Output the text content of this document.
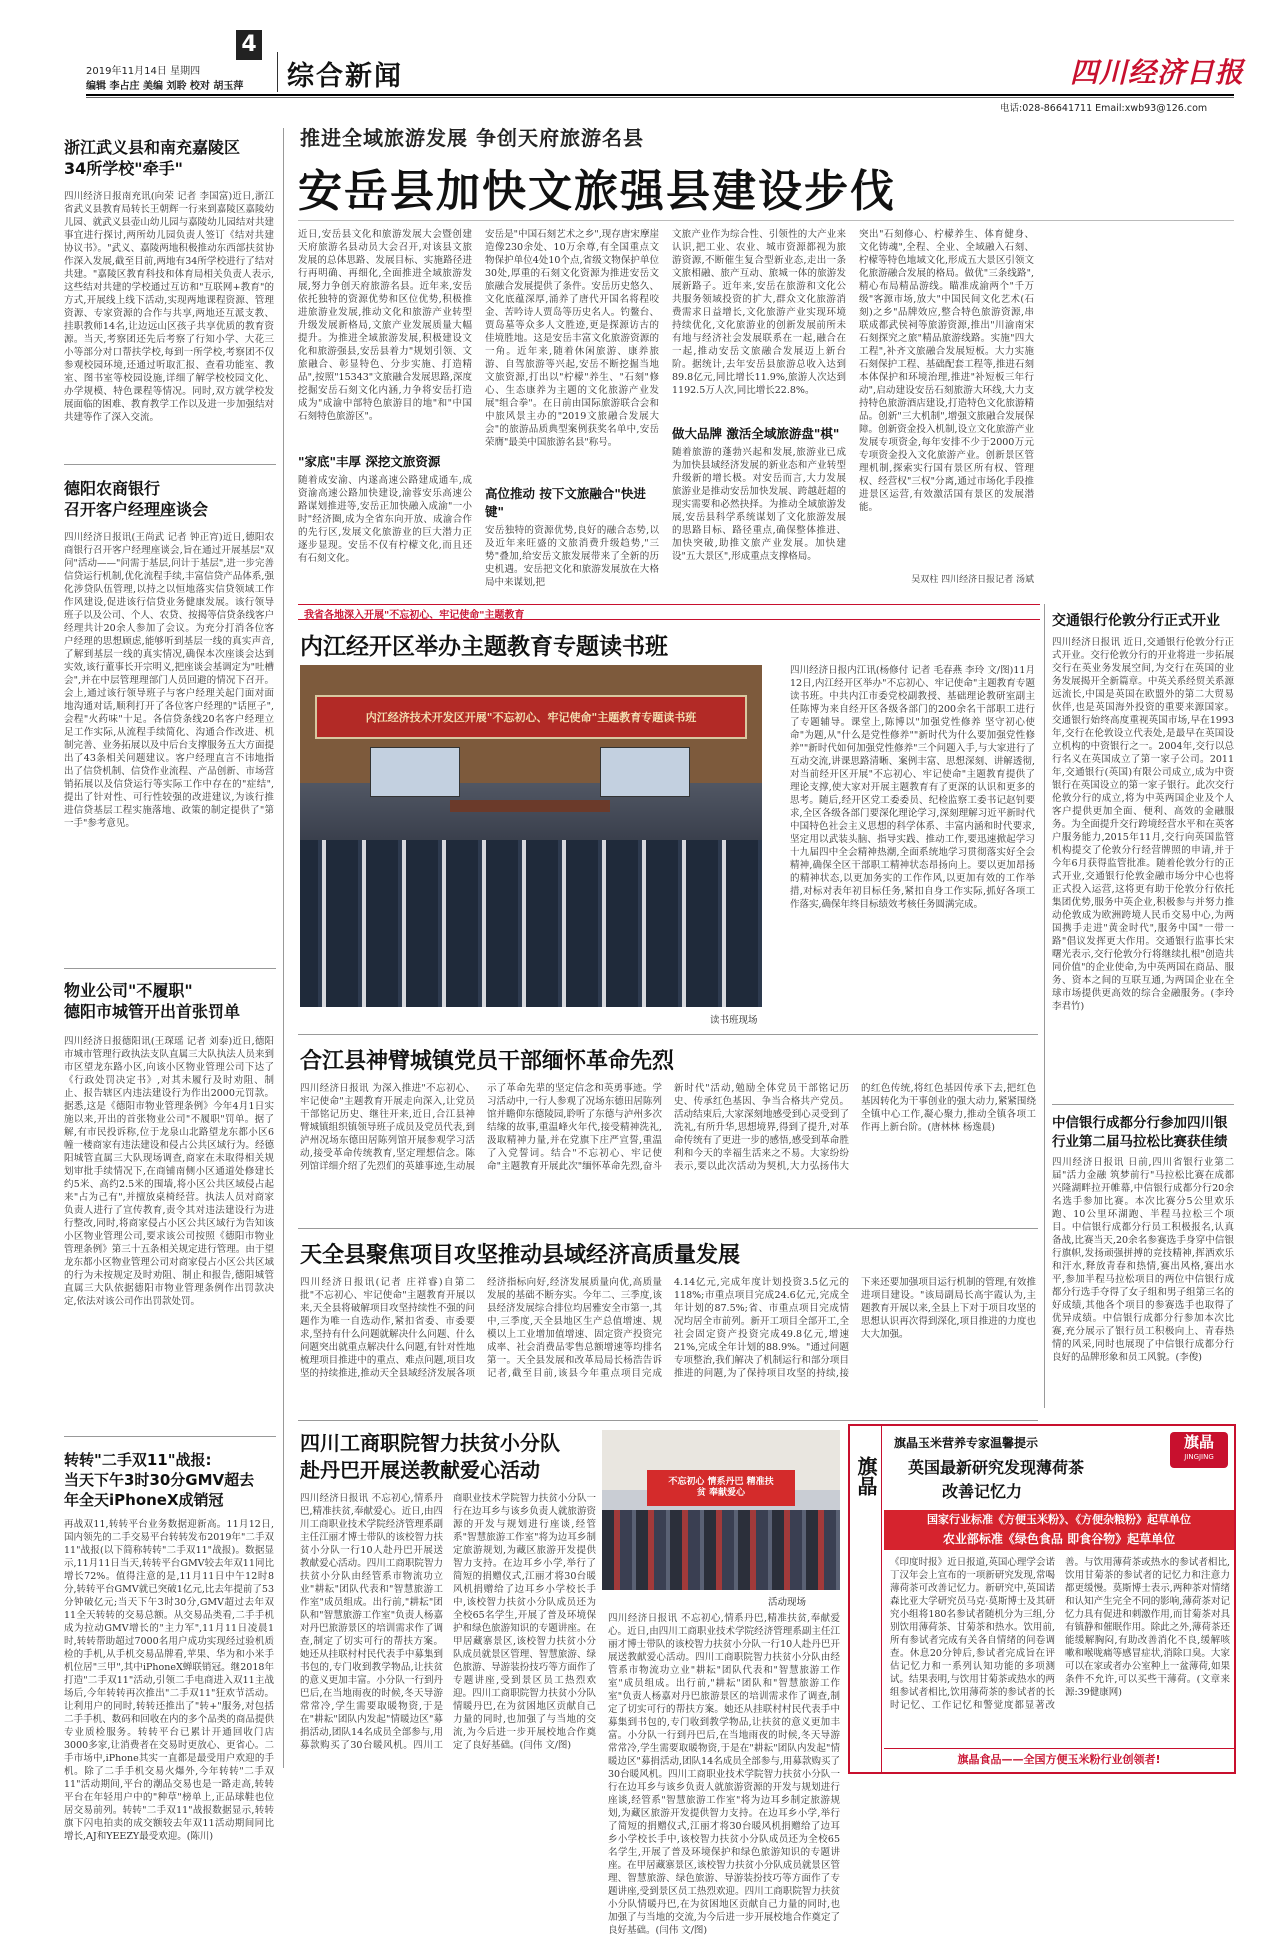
4
2019年11月14日 星期四
编辑 李占庄 美编 刘聆 校对 胡玉萍 综合新闻	四川经济日报
电话:028-86641711 Email:xwb93@126.com
浙江武义县和南充嘉陵区
34所学校"牵手"
四川经济日报南充讯(向荣 记者 李国富)近日,浙江省武义县教育局转长王朝辉一行来到嘉陵区嘉陵幼儿园、就武义县壶山幼儿园与嘉陵幼儿园结对共建事宜进行探讨,两所幼儿园负责人签订《结对共建协议书》。"武义、嘉陵两地积极推动东西部扶贫协作深入发展,截至目前,两地有34所学校进行了结对共建。"嘉陵区教育科技和体育局相关负责人表示,这些结对共建的学校通过互访和"互联网+教育"的方式,开展线上线下活动,实现两地课程资源、管理资源、专家资源的合作与共享,两地还互派支教、挂职教师14名,让边远山区孩子共享优质的教育资源。当天,考察团还先后考察了行知小学、大花三小等部分对口帮扶学校,每到一所学校,考察团不仅参观校园环境,还通过听取汇报、查看功能室、教室、图书室等校园设施,详细了解学校校园文化、办学规模、特色课程等情况。同时,双方就学校发展面临的困难、教育教学工作以及进一步加强结对共建等作了深入交流。
德阳农商银行
召开客户经理座谈会
四川经济日报讯(王尚武 记者 钟正宵)近日,德阳农商银行召开客户经理座谈会,旨在通过开展基层"双问"活动——"问需于基层,问计于基层",进一步完善信贷运行机制,优化流程手续,丰富信贷产品体系,强化涉贷队伍管理,以持之以恒地落实信贷领域工作作风建设,促进该行信贷业务健康发展。该行领导班子以及公司、个人、农贷、按揭等信贷条线客户经理共计20余人参加了会议。为充分打消各位客户经理的思想顾虑,能够听到基层一线的真实声音,了解到基层一线的真实情况,确保本次座谈会达到实效,该行董事长开宗明义,把座谈会基调定为"吐槽会",并在中层管理理部门人员回避的情况下召开。会上,通过该行领导班子与客户经理关起门面对面地沟通对话,顺利打开了各位客户经理的"话匣子",会程"火药味"十足。各信贷条线20名客户经理立足工作实际,从流程手续简化、沟通合作改进、机制完善、业务拓展以及中后台支撑服务五大方面提出了43条相关问题建议。客户经理直言不讳地指出了信贷机制、信贷作业流程、产品创新、市场营销拓展以及信贷运行等实际工作中存在的"症结",提出了针对性、可行性较强的改进建议,为该行推进信贷基层工程实施落地、政策的制定提供了"第一手"参考意见。
物业公司"不履职"
德阳市城管开出首张罚单
四川经济日报德阳讯(王琛瑶 记者 刘泰)近日,德阳市城市管理行政执法支队直属三大队执法人员来到市区望龙东路小区,向该小区物业管理公司下达了《行政处罚决定书》,对其未履行及时劝阻、制止、报告辖区内违法建设行为作出2000元罚款。据悉,这是《德阳市物业管理条例》今年4月1日实施以来,开出的首张物业公司"不履职"罚单。据了解,有市民投诉称,位于龙泉山北路望龙东都小区6幢一楼商家有违法建设和侵占公共区域行为。经德阳城管直属三大队现场调查,商家在未取得相关规划审批手续情况下,在商铺南侧小区通道处修建长约5米、高约2.5米的围墙,将小区公共区域侵占起来"占为己有",并擅放桌椅经营。执法人员对商家负责人进行了宣传教育,责令其对违法建设行为进行整改,同时,将商家侵占小区公共区域行为告知该小区物业管理公司,要求该公司按照《德阳市物业管理条例》第三十五条相关规定进行管理。由于望龙东都小区物业管理公司对商家侵占小区公共区域的行为未按规定及时劝阻、制止和报告,德阳城管直属三大队依据德阳市物业管理条例作出罚款决定,依法对该公司作出罚款处罚。
转转"二手双11"战报:
当天下午3时30分GMV超去
年全天iPhoneX成销冠
再战双11,转转平台业务数据迎新高。11月12日,国内领先的二手交易平台转转发布2019年"二手双11"战报(以下简称转转"二手双11"战报)。数据显示,11月11日当天,转转平台GMV较去年双11同比增长72%。值得注意的是,11月11日中午12时8分,转转平台GMV就已突破1亿元,比去年提前了53分钟破亿元;当天下午3时30分,GMV超过去年双11全天转转的交易总额。从交易品类看,二手手机成为拉动GMV增长的"主力军",11月11日凌晨1时,转转帮助超过7000名用户成功实现经过验机质检的手机,从手机交易品牌看,苹果、华为和小米手机位居"三甲",其中iPhoneX蝉联销冠。继2018年打造"二手双11"活动,引领二手电商进入双11主战场后,今年转转再次推出"二手双11"狂欢节活动。让利用户的同时,转转还推出了"转+"服务,对包括二手手机、数码和回收在内的多个品类的商品提供专业质检服务。转转平台已累计开通回收门店3000多家,让消费者在交易时更放心、更省心。二手市场中,iPhone其实一直都是最受用户欢迎的手机。除了二手手机交易火爆外,今年转转"二手双11"活动期间,平台的潮品交易也是一路走高,转转平台在年轻用户中的"种草"榜单上,正品球鞋也位居交易前列。转转"二手双11"战报数据显示,转转旗下闪电拍卖的成交额较去年双11活动期间同比增长,AJ和YEEZY最受欢迎。(陈川)
推进全域旅游发展 争创天府旅游名县
安岳县加快文旅强县建设步伐
近日,安岳县文化和旅游发展大会暨创建天府旅游名县动员大会召开,对该县文旅发展的总体思路、发展目标、实施路径进行再明确、再细化,全面推进全域旅游发展,努力争创天府旅游名县。近年来,安岳依托独特的资源优势和区位优势,积极推进旅游业发展,推动文化和旅游产业转型升级发展新格局,文旅产业发展质量大幅提升。为推进全域旅游发展,积极建设文化和旅游强县,安岳县着力"规划引领、文旅融合、彰显特色、分步实施、打造精品",按照"15343"文旅融合发展思路,深度挖掘安岳石刻文化内涵,力争将安岳打造成为"成渝中部特色旅游目的地"和"中国石刻特色旅游区"。
"家底"丰厚 深挖文旅资源
随着成安渝、内遂高速公路建成通车,成资渝高速公路加快建设,渝蓉安乐高速公路谋划推进等,安岳正加快融入成渝"一小时"经济圈,成为全省东向开放、成渝合作的先行区,发展文化旅游业的巨大潜力正逐步显现。安岳不仅有柠檬文化,而且还有石刻文化。
安岳是"中国石刻艺术之乡",现存唐宋摩崖造像230余处、10万余尊,有全国重点文物保护单位4处10个点,省级文物保护单位30处,厚重的石刻文化资源为推进安岳文旅融合发展提供了条件。安岳历史悠久、文化底蕴深厚,涌养了唐代开国名将程咬金、苦吟诗人贾岛等历史名人。钓鳌台、贾岛墓等众多人文胜迹,更是探源访古的佳境胜地。这是安岳丰富文化旅游资源的一角。近年来,随着休闲旅游、康养旅游、自驾旅游等兴起,安岳不断挖掘当地文旅资源,打出以"柠檬"养生、"石刻"修心、生态康养为主题的文化旅游产业发展"组合拳"。在日前由国际旅游联合会和中旅风景主办的"2019文旅融合发展大会"的旅游品质典型案例获奖名单中,安岳荣膺"最美中国旅游名县"称号。
高位推动 按下文旅融合"快进键"
安岳独特的资源优势,良好的融合态势,以及近年来旺盛的文旅消费升级趋势,"三势"叠加,给安岳文旅发展带来了全新的历史机遇。安岳把文化和旅游发展放在大格局中来谋划,把
文旅产业作为综合性、引领性的大产业来认识,把工业、农业、城市资源都视为旅游资源,不断催生复合型新业态,走出一条文旅相融、旅产互动、旅城一体的旅游发展新路子。近年来,安岳在旅游和文化公共服务领域投资的扩大,群众文化旅游消费需求日益增长,文化旅游产业实现环境持续优化,文化旅游业的创新发展前所未有地与经济社会发展联系在一起,融合在一起,推动安岳文旅融合发展迈上新台阶。据统计,去年安岳县旅游总收入达到89.8亿元,同比增长11.9%,旅游人次达到1192.5万人次,同比增长22.8%。
做大品牌 激活全域旅游盘"棋"
随着旅游的蓬勃兴起和发展,旅游业已成为加快县域经济发展的新业态和产业转型升级新的增长极。对安岳而言,大力发展旅游业是推动安岳加快发展、跨越赶超的现实需要和必然抉择。为推动全域旅游发展,安岳县科学系统谋划了文化旅游发展的思路目标、路径重点,确保整体推进、加快突破,助推文旅产业发展。加快建设"五大景区",形成重点支撑格局。
突出"石刻修心、柠檬养生、体育健身、文化铸魂",全程、全业、全域融入石刻、柠檬等特色地域文化,形成五大景区引领文化旅游融合发展的格局。做优"三条线路",精心布局精品游线。瞄准成渝两个"千万级"客源市场,放大"中国民间文化艺术(石刻)之乡"品牌效应,整合特色旅游资源,串联成都武侯祠等旅游资源,推出"川渝南宋石刻探究之旅"精品旅游线路。实施"四大工程",补齐文旅融合发展短板。大力实施石刻保护工程、基础配套工程等,推进石刻本体保护和环境治理,推进"补短板三年行动",启动建设安岳石刻旅游大环线,大力支持特色旅游酒店建设,打造特色文化旅游精品。创新"三大机制",增强文旅融合发展保障。创新资金投入机制,设立文化旅游产业发展专项资金,每年安排不少于2000万元专项资金投入文化旅游产业。创新景区管理机制,探索实行国有景区所有权、管理权、经营权"三权"分离,通过市场化手段推进景区运营,有效激活国有景区的发展潜能。
吴双柱 四川经济日报记者 汤斌
我省各地深入开展"不忘初心、牢记使命"主题教育
内江经开区举办主题教育专题读书班
内江经济技术开发区开展"不忘初心、牢记使命"主题教育专题读书班
读书班现场
四川经济日报内江讯(杨修付 记者 毛春燕 李玲 文/图)11月12日,内江经开区举办"不忘初心、牢记使命"主题教育专题读书班。中共内江市委党校副教授、基础理论教研室副主任陈博为来自经开区各级各部门的200余名干部职工进行了专题辅导。课堂上,陈博以"加强党性修养 坚守初心使命"为题,从"什么是党性修养""新时代为什么要加强党性修养""新时代如何加强党性修养"三个问题入手,与大家进行了互动交流,讲课思路清晰、案例丰富、思想深刻、讲解透彻,对当前经开区开展"不忘初心、牢记使命"主题教育提供了理论支撑,使大家对开展主题教育有了更深的认识和更多的思考。随后,经开区党工委委员、纪检监察工委书记赵钊要求,全区各级各部门要深化理论学习,深刻理解习近平新时代中国特色社会主义思想的科学体系、丰富内涵和时代要求,坚定用以武装头脑、指导实践、推动工作,要迅速掀起学习十九届四中全会精神热潮,全面系统地学习贯彻落实好全会精神,确保全区干部职工精神状态昂扬向上。要以更加昂扬的精神状态,以更加务实的工作作风,以更加有效的工作举措,对标对表年初目标任务,紧扣自身工作实际,抓好各项工作落实,确保年终目标绩效考核任务圆满完成。
合江县神臂城镇党员干部缅怀革命先烈
四川经济日报讯 为深入推进"不忘初心、牢记使命"主题教育开展走向深入,让党员干部铭记历史、继往开来,近日,合江县神臂城镇组织镇领导班子成员及党员代表,到泸州况场东德田居陈列馆开展参观学习活动,接受革命传统教育,坚定理想信念。陈列馆详细介绍了先烈们的英雄事迹,生动展示了革命先辈的坚定信念和英勇事迹。学习活动中,一行人参观了况场东德田居陈列馆并瞻仰东德陵园,聆听了东德与泸州多次结缘的故事,重温峰火年代,接受精神洗礼,汲取精神力量,并在党旗下庄严宣誓,重温了入党誓词。结合"不忘初心、牢记使命"主题教育开展此次"缅怀革命先烈,奋斗新时代"活动,勉励全体党员干部铭记历史、传承红色基因、争当合格共产党员。活动结束后,大家深刻地感受到心灵受到了洗礼,有所升华,思想境界,得到了提升,对革命传统有了更进一步的感悟,感受到革命胜利和今天的幸福生活来之不易。大家纷纷表示,要以此次活动为契机,大力弘扬伟大的红色传统,将红色基因传承下去,把红色基因转化为干事创业的强大动力,紧紧围绕全镇中心工作,凝心聚力,推动全镇各项工作再上新台阶。(唐林林 杨逸晨)
天全县聚焦项目攻坚推动县域经济高质量发展
四川经济日报讯(记者 庄祥睿)自第二批"不忘初心、牢记使命"主题教育开展以来,天全县将破解项目攻坚持续性不强的问题作为唯一自选动作,紧扣省委、市委要求,坚持有什么问题就解决什么问题、什么问题突出就重点解决什么问题,有针对性地梳理项目推进中的重点、难点问题,项目攻坚的持续推进,推动天全县域经济发展各项经济指标向好,经济发展质量向优,高质量发展的基础不断夯实。今年二、三季度,该县经济发展综合排位均居雅安全市第一,其中,三季度,天全县地区生产总值增速、规模以上工业增加值增速、固定资产投资完成率、社会消费品零售总额增速等均排名第一。天全县发展和改革局局长杨浩告诉记者,截至目前,该县今年重点项目完成4.14亿元,完成年度计划投资3.5亿元的118%;市重点项目完成24.6亿元,完成全年计划的87.5%;省、市重点项目完成情况均居全市前列。新开工项目全部开工,全社会固定资产投资完成49.8亿元,增速21%,完成全年计划的88.9%。"通过问题专项整治,我们解决了机制运行和部分项目推进的问题,为了保持项目攻坚的持续,接下来还要加强项目运行机制的管理,有效推进项目建设。"该局副局长高宇霞认为,主题教育开展以来,全县上下对于项目攻坚的思想认识再次得到深化,项目推进的力度也大大加强。
四川工商职院智力扶贫小分队
赴丹巴开展送教献爱心活动	不忘初心 情系丹巴 精准扶贫 奉献爱心
活动现场
四川经济日报讯 不忘初心,情系丹巴,精准扶贫,奉献爱心。近日,由四川工商职业技术学院经济管理系副主任江丽才博士带队的该校智力扶贫小分队一行10人赴丹巴开展送教献爱心活动。四川工商职院智力扶贫小分队由经管系市物流功立业"耕耘"团队代表和"智慧旅游工作室"成员组成。出行前,"耕耘"团队和"智慧旅游工作室"负责人杨嘉对丹巴旅游景区的培训需求作了调查,制定了切实可行的帮扶方案。她还从挂联村村民代表手中募集到书包的,专门收到教学物品,让扶贫的意义更加丰富。小分队一行到丹巴后,在当地雨夜的时候,冬天导游常常冷,学生需要取暖物资,于是在"耕耘"团队内发起"情暖边区"募捐活动,团队14名成员全部参与,用募款购买了30台暖风机。四川工商职业技术学院智力扶贫小分队一行在边耳乡与该乡负责人就旅游资源的开发与规划进行座谈,经管系"智慧旅游工作室"将为边耳乡制定旅游规划,为藏区旅游开发提供智力支持。在边耳乡小学,举行了简短的捐赠仪式,江丽才将30台暖风机捐赠给了边耳乡小学校长手中,该校智力扶贫小分队成员还为全校65名学生,开展了普及环境保护和绿色旅游知识的专题讲座。在甲居藏寨景区,该校智力扶贫小分队成员就景区管理、智慧旅游、绿色旅游、导游装扮技巧等方面作了专题讲座,受到景区员工热烈欢迎。四川工商职院智力扶贫小分队情暖丹巴,在为贫困地区贡献自己力量的同时,也加强了与当地的交流,为今后进一步开展校地合作奠定了良好基础。(闫伟 文/图)
四川经济日报讯 不忘初心,情系丹巴,精准扶贫,奉献爱心。近日,由四川工商职业技术学院经济管理系副主任江丽才博士带队的该校智力扶贫小分队一行10人赴丹巴开展送教献爱心活动。四川工商职院智力扶贫小分队由经管系市物流功立业"耕耘"团队代表和"智慧旅游工作室"成员组成。出行前,"耕耘"团队和"智慧旅游工作室"负责人杨嘉对丹巴旅游景区的培训需求作了调查,制定了切实可行的帮扶方案。她还从挂联村村民代表手中募集到书包的,专门收到教学物品,让扶贫的意义更加丰富。小分队一行到丹巴后,在当地雨夜的时候,冬天导游常常冷,学生需要取暖物资,于是在"耕耘"团队内发起"情暖边区"募捐活动,团队14名成员全部参与,用募款购买了30台暖风机。四川工商职业技术学院智力扶贫小分队一行在边耳乡与该乡负责人就旅游资源的开发与规划进行座谈,经管系"智慧旅游工作室"将为边耳乡制定旅游规划,为藏区旅游开发提供智力支持。在边耳乡小学,举行了简短的捐赠仪式,江丽才将30台暖风机捐赠给了边耳乡小学校长手中,该校智力扶贫小分队成员还为全校65名学生,开展了普及环境保护和绿色旅游知识的专题讲座。在甲居藏寨景区,该校智力扶贫小分队成员就景区管理、智慧旅游、绿色旅游、导游装扮技巧等方面作了专题讲座,受到景区员工热烈欢迎。四川工商职院智力扶贫小分队情暖丹巴,在为贫困地区贡献自己力量的同时,也加强了与当地的交流,为今后进一步开展校地合作奠定了良好基础。(闫伟 文/图)
交通银行伦敦分行正式开业
四川经济日报讯 近日,交通银行伦敦分行正式开业。交行伦敦分行的开业将进一步拓展交行在英业务发展空间,为交行在英国的业务发展揭开全新篇章。中英关系经贸关系源远流长,中国是英国在欧盟外的第二大贸易伙伴,也是英国海外投资的重要来源国家。交通银行始终高度重视英国市场,早在1993年,交行在伦敦设立代表处,是最早在英国设立机构的中资银行之一。2004年,交行以总行名义在英国成立了第一家子公司。2011年,交通银行(英国)有限公司成立,成为中资银行在英国设立的第一家子银行。此次交行伦敦分行的成立,将为中英两国企业及个人客户提供更加全面、便利、高效的金融服务。为全面提升交行跨境经营水平和在英客户服务能力,2015年11月,交行向英国监管机构提交了伦敦分行经营牌照的申请,并于今年6月获得监管批准。随着伦敦分行的正式开业,交通银行伦敦金融市场分中心也将正式投入运营,这将更有助于伦敦分行依托集团优势,服务中英企业,积极参与并努力推动伦敦成为欧洲跨境人民币交易中心,为两国携手走进"黄金时代",服务中国"一带一路"倡议发挥更大作用。交通银行监事长宋曙光表示,交行伦敦分行将继续扎根"创造共同价值"的企业使命,为中英两国在商品、服务、资本之间的互联互通,为两国企业在全球市场提供更高效的综合金融服务。(李玲 李君竹)
中信银行成都分行参加四川银
行业第二届马拉松比赛获佳绩
四川经济日报讯 日前,四川省银行业第二届"活力金融 筑梦前行"马拉松比赛在成都兴隆湖畔拉开帷幕,中信银行成都分行20余名选手参加比赛。本次比赛分5公里欢乐跑、10公里环湖跑、半程马拉松三个项目。中信银行成都分行员工积极报名,认真备战,比赛当天,20余名参赛选手身穿中信银行旗帜,发扬顽强拼搏的竞技精神,挥洒欢乐和汗水,释放青春和热情,赛出风格,赛出水平,参加半程马拉松项目的两位中信银行成都分行选手夺得了女子组和男子组第三名的好成绩,其他各个项目的参赛选手也取得了优异成绩。中信银行成都分行参加本次比赛,充分展示了银行员工积极向上、青春热情的风采,同时也展现了中信银行成都分行良好的品牌形象和员工风貌。(李俊)
旗晶
旗晶玉米营养专家温馨提示	旗晶
JINGJING
英国最新研究发现薄荷茶
改善记忆力
国家行业标准《方便玉米粉》、《方便杂粮粉》起草单位
农业部标准《绿色食品 即食谷物》起草单位
《印度时报》近日报道,英国心理学会诺丁汉年会上宣布的一项新研究发现,常喝薄荷茶可改善记忆力。新研究中,英国诺森比亚大学研究员马克·莫斯博士及其研究小组将180名参试者随机分为三组,分别饮用薄荷茶、甘菊茶和热水。饮用前,所有参试者完成有关各自情绪的问卷调查。休息20分钟后,参试者完成旨在评估记忆力和一系列认知功能的多项测试。结果表明,与饮用甘菊茶或热水的两组参试者相比,饮用薄荷茶的参试者的长时记忆、工作记忆和警觉度都显著改善。与饮用薄荷茶或热水的参试者相比,饮用甘菊茶的参试者的记忆力和注意力都更缓慢。莫斯博士表示,两种茶对情绪和认知产生完全不同的影响,薄荷茶对记忆力具有促进和刺激作用,而甘菊茶对具有镇静和催眠作用。除此之外,薄荷茶还能缓解胸闷,有助改善消化不良,缓解咳嗽和喉咙痛等感冒症状,消除口臭。大家可以在家或者办公室种上一盆薄荷,如果条件不允许,可以买些干薄荷。(文章来源:39健康网)
旗晶食品——全国方便玉米粉行业创领者!
